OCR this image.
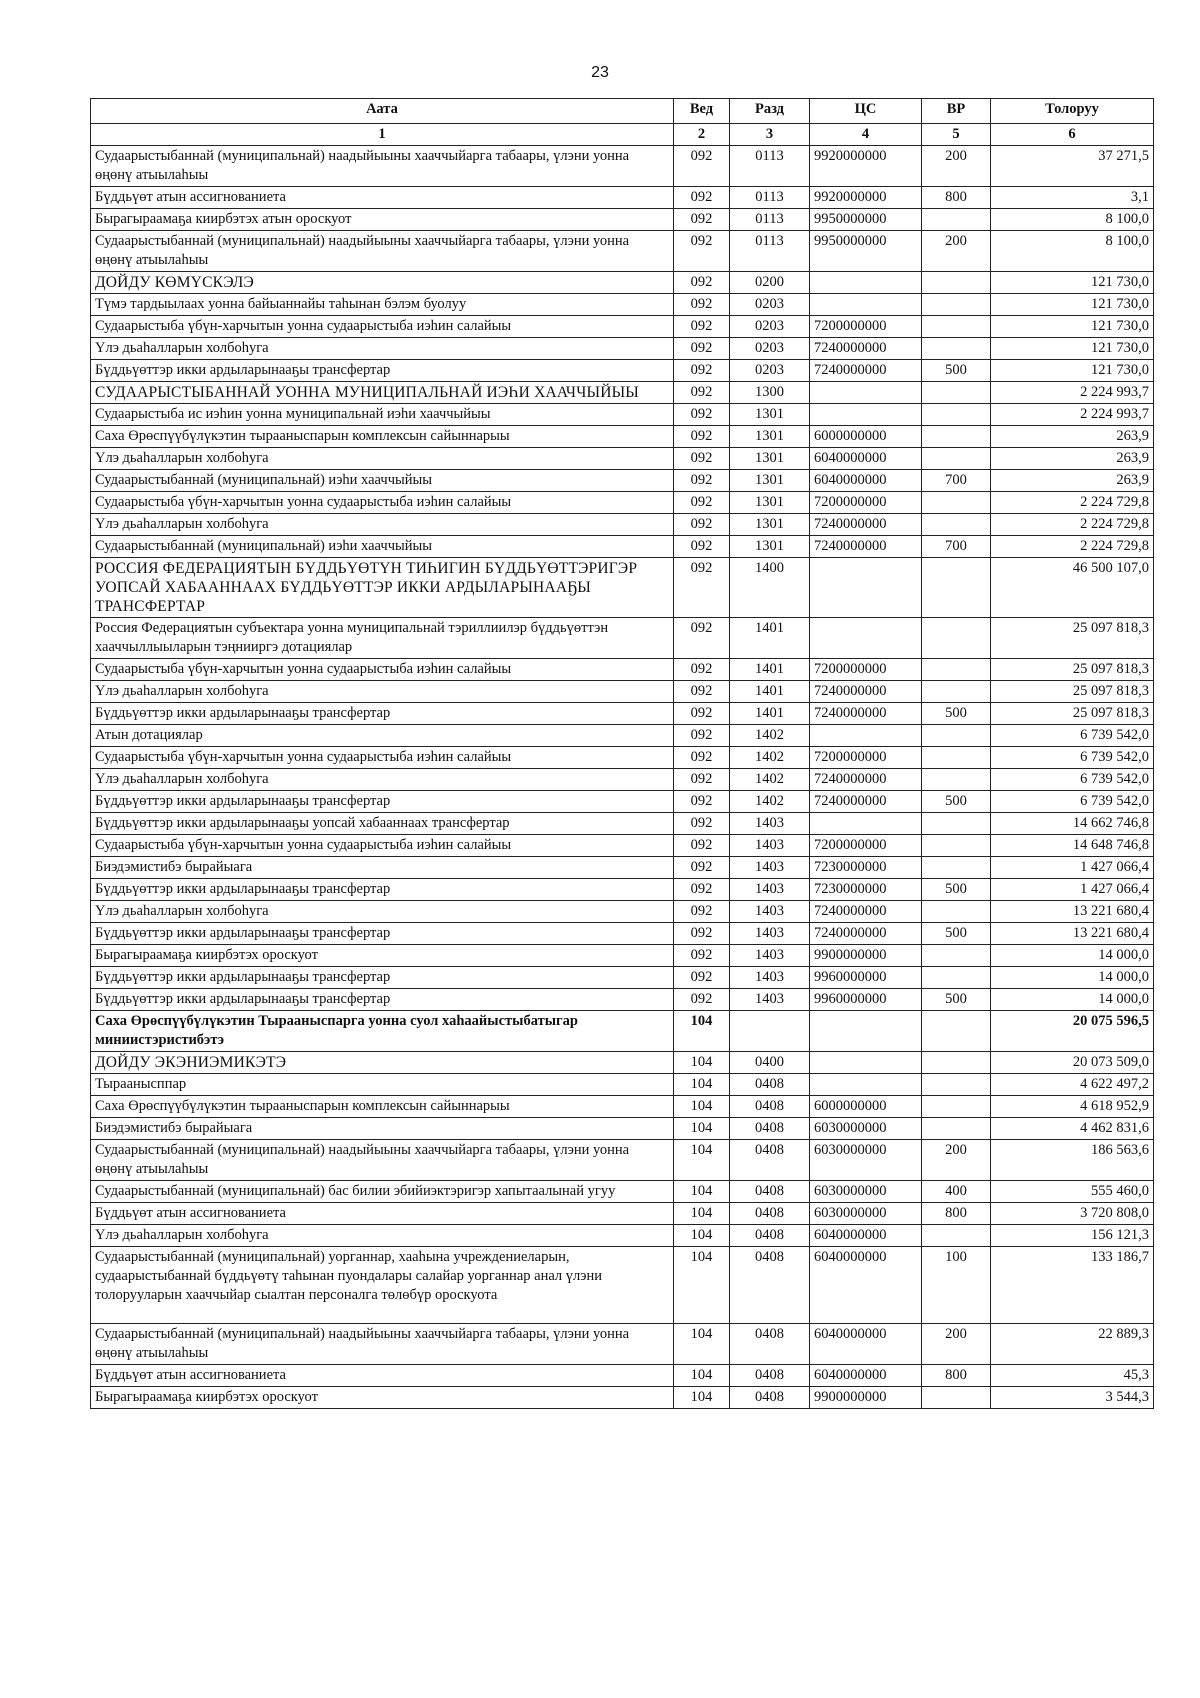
23
Аата	Вед	Разд	ЦС	ВР	Толоруу
1	2	3	4	5	6
Судаарыстыбаннай (муниципальнай) наадыйыыны хааччыйарга табаары, үлэни уонна өңөнү атыылаһыы	092	0113	9920000000	200	37 271,5
Бүддьүөт атын ассигнованиета	092	0113	9920000000	800	3,1
Бырагыраамаҕа киирбэтэх атын ороскуот	092	0113	9950000000		8 100,0
Судаарыстыбаннай (муниципальнай) наадыйыыны хааччыйарга табаары, үлэни уонна өңөнү атыылаһыы	092	0113	9950000000	200	8 100,0
ДОЙДУ КӨМҮСКЭЛЭ	092	0200			121 730,0
Түмэ тардыылаах уонна байыаннайы таһынан бэлэм буолуу	092	0203			121 730,0
Судаарыстыба үбүн-харчытын уонна судаарыстыба иэһин салайыы	092	0203	7200000000		121 730,0
Үлэ дьаһалларын холбоһуга	092	0203	7240000000		121 730,0
Бүддьүөттэр икки ардыларынааҕы трансфертар	092	0203	7240000000	500	121 730,0
СУДААРЫСТЫБАННАЙ УОННА МУНИЦИПАЛЬНАЙ ИЭҺИ ХААЧЧЫЙЫЫ	092	1300			2 224 993,7
Судаарыстыба ис иэһин уонна муниципальнай иэһи хааччыйыы	092	1301			2 224 993,7
Саха Өрөспүүбүлүкэтин тырааныспарын комплексын сайыннарыы	092	1301	6000000000		263,9
Үлэ дьаһалларын холбоһуга	092	1301	6040000000		263,9
Судаарыстыбаннай (муниципальнай) иэһи хааччыйыы	092	1301	6040000000	700	263,9
Судаарыстыба үбүн-харчытын уонна судаарыстыба иэһин салайыы	092	1301	7200000000		2 224 729,8
Үлэ дьаһалларын холбоһуга	092	1301	7240000000		2 224 729,8
Судаарыстыбаннай (муниципальнай) иэһи хааччыйыы	092	1301	7240000000	700	2 224 729,8
РОССИЯ ФЕДЕРАЦИЯТЫН БҮДДЬҮӨТҮН ТИҺИГИН БҮДДЬҮӨТТЭРИГЭР УОПСАЙ ХАБААННААХ БҮДДЬҮӨТТЭР ИККИ АРДЫЛАРЫНААҔЫ ТРАНСФЕРТАР	092	1400			46 500 107,0
Россия Федерациятын субъектара уонна муниципальнай тэриллиилэр бүддьүөттэн хааччыллыыларын тэңнииргэ дотациялар	092	1401			25 097 818,3
Судаарыстыба үбүн-харчытын уонна судаарыстыба иэһин салайыы	092	1401	7200000000		25 097 818,3
Үлэ дьаһалларын холбоһуга	092	1401	7240000000		25 097 818,3
Бүддьүөттэр икки ардыларынааҕы трансфертар	092	1401	7240000000	500	25 097 818,3
Атын дотациялар	092	1402			6 739 542,0
Судаарыстыба үбүн-харчытын уонна судаарыстыба иэһин салайыы	092	1402	7200000000		6 739 542,0
Үлэ дьаһалларын холбоһуга	092	1402	7240000000		6 739 542,0
Бүддьүөттэр икки ардыларынааҕы трансфертар	092	1402	7240000000	500	6 739 542,0
Бүддьүөттэр икки ардыларынааҕы уопсай хабааннаах трансфертар	092	1403			14 662 746,8
Судаарыстыба үбүн-харчытын уонна судаарыстыба иэһин салайыы	092	1403	7200000000		14 648 746,8
Биэдэмистибэ бырайыага	092	1403	7230000000		1 427 066,4
Бүддьүөттэр икки ардыларынааҕы трансфертар	092	1403	7230000000	500	1 427 066,4
Үлэ дьаһалларын холбоһуга	092	1403	7240000000		13 221 680,4
Бүддьүөттэр икки ардыларынааҕы трансфертар	092	1403	7240000000	500	13 221 680,4
Бырагыраамаҕа киирбэтэх ороскуот	092	1403	9900000000		14 000,0
Бүддьүөттэр икки ардыларынааҕы трансфертар	092	1403	9960000000		14 000,0
Бүддьүөттэр икки ардыларынааҕы трансфертар	092	1403	9960000000	500	14 000,0
Саха Өрөспүүбүлүкэтин Тырааныспарга уонна суол хаһаайыстыбатыгар миниистэристибэтэ	104				20 075 596,5
ДОЙДУ ЭКЭНИЭМИКЭТЭ	104	0400			20 073 509,0
Тыраанысппар	104	0408			4 622 497,2
Саха Өрөспүүбүлүкэтин тырааныспарын комплексын сайыннарыы	104	0408	6000000000		4 618 952,9
Биэдэмистибэ бырайыага	104	0408	6030000000		4 462 831,6
Судаарыстыбаннай (муниципальнай) наадыйыыны хааччыйарга табаары, үлэни уонна өңөнү атыылаһыы	104	0408	6030000000	200	186 563,6
Судаарыстыбаннай (муниципальнай) бас билии эбийиэктэригэр хапытаалынай угуу	104	0408	6030000000	400	555 460,0
Бүддьүөт атын ассигнованиета	104	0408	6030000000	800	3 720 808,0
Үлэ дьаһалларын холбоһуга	104	0408	6040000000		156 121,3
Судаарыстыбаннай (муниципальнай) уорганнар, хааһына учреждениеларын, судаарыстыбаннай бүддьүөтү таһынан пуондалары салайар уорганнар анал үлэни толорууларын хааччыйар сыалтан персоналга төлөбүр ороскуота	104	0408	6040000000	100	133 186,7
Судаарыстыбаннай (муниципальнай) наадыйыыны хааччыйарга табаары, үлэни уонна өңөнү атыылаһыы	104	0408	6040000000	200	22 889,3
Бүддьүөт атын ассигнованиета	104	0408	6040000000	800	45,3
Бырагыраамаҕа киирбэтэх ороскуот	104	0408	9900000000		3 544,3
